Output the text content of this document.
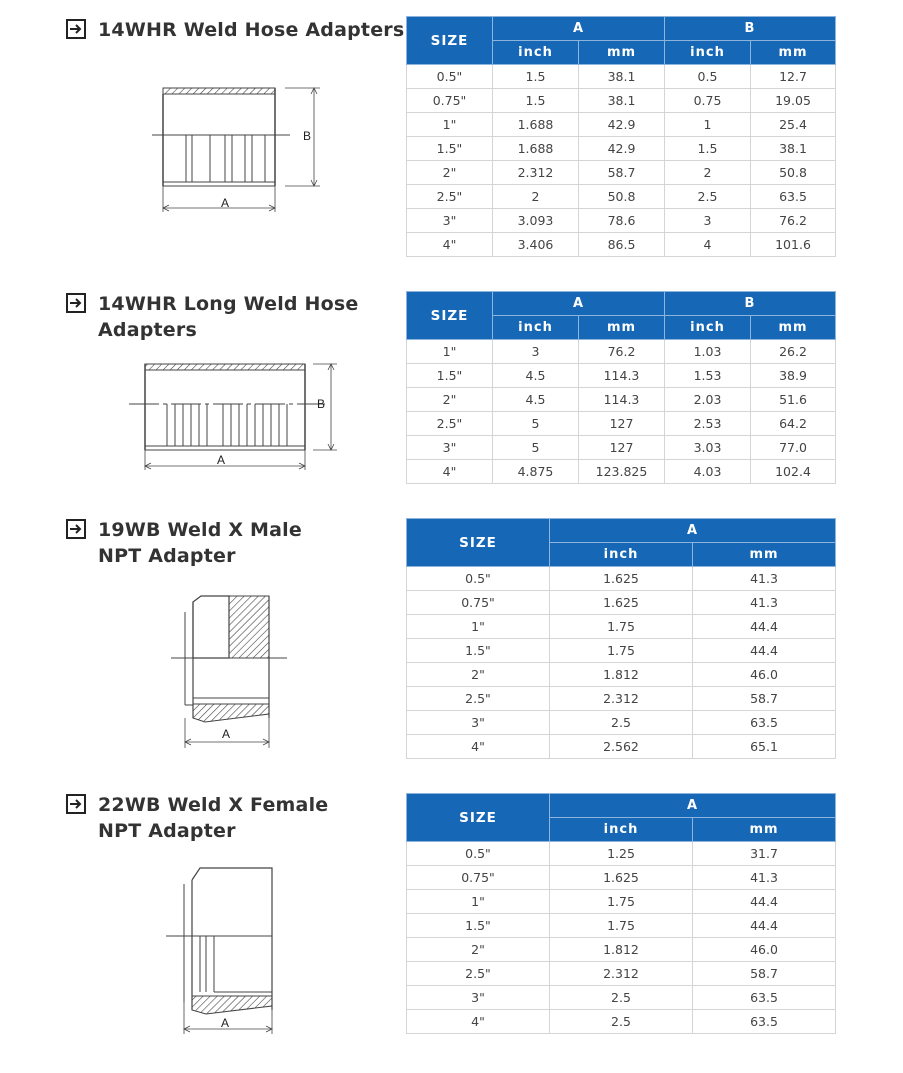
14WHR Weld Hose Adapters
B
A
SIZE	A		B	
	inch	mm	inch	mm
0.5"	1.5	38.1	0.5	12.7
0.75"	1.5	38.1	0.75	19.05
1"	1.688	42.9	1	25.4
1.5"	1.688	42.9	1.5	38.1
2"	2.312	58.7	2	50.8
2.5"	2	50.8	2.5	63.5
3"	3.093	78.6	3	76.2
4"	3.406	86.5	4	101.6
14WHR Long Weld Hose
Adapters
B
A
SIZE	A		B	
	inch	mm	inch	mm
1"	3	76.2	1.03	26.2
1.5"	4.5	114.3	1.53	38.9
2"	4.5	114.3	2.03	51.6
2.5"	5	127	2.53	64.2
3"	5	127	3.03	77.0
4"	4.875	123.825	4.03	102.4
19WB Weld X Male
NPT Adapter
A
SIZE	A	
	inch	mm
0.5"	1.625	41.3
0.75"	1.625	41.3
1"	1.75	44.4
1.5"	1.75	44.4
2"	1.812	46.0
2.5"	2.312	58.7
3"	2.5	63.5
4"	2.562	65.1
22WB Weld X Female
NPT Adapter
A
SIZE	A	
	inch	mm
0.5"	1.25	31.7
0.75"	1.625	41.3
1"	1.75	44.4
1.5"	1.75	44.4
2"	1.812	46.0
2.5"	2.312	58.7
3"	2.5	63.5
4"	2.5	63.5
